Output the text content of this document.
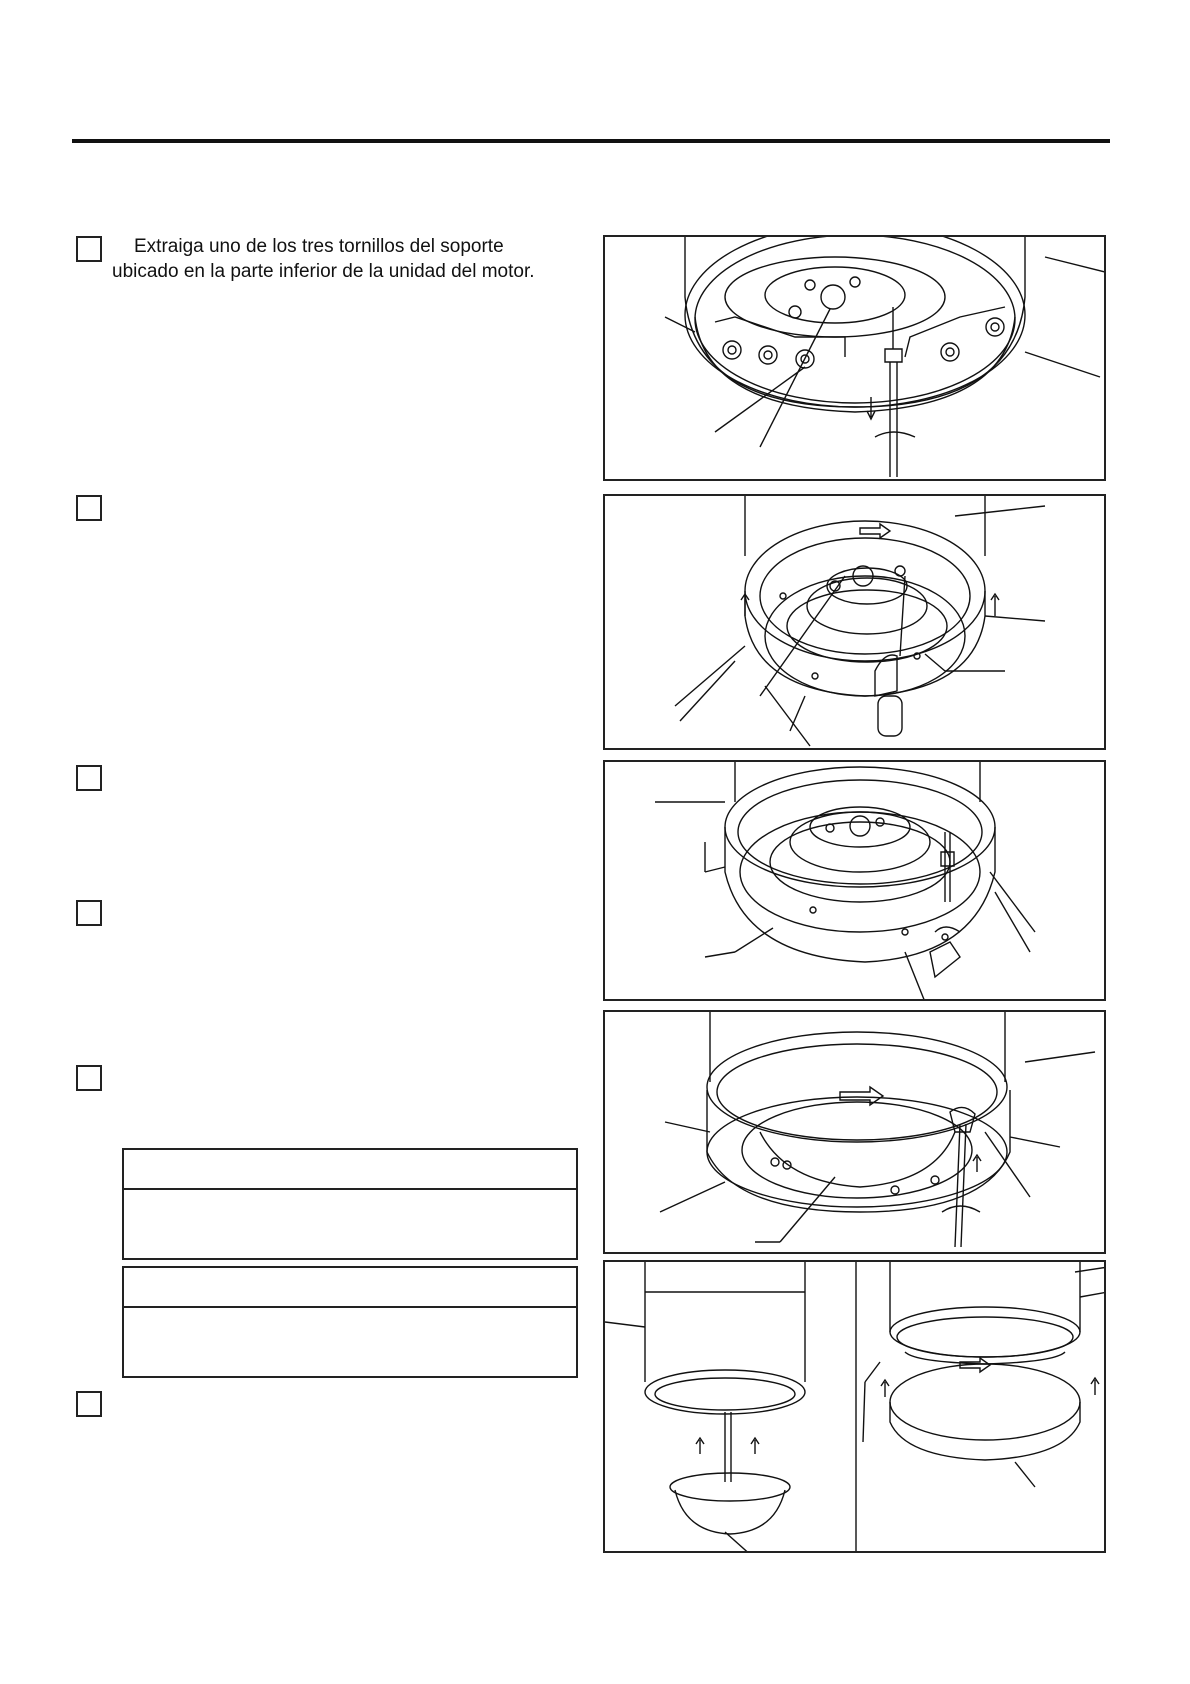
Extraiga uno de los tres tornillos del soporte
ubicado en la parte inferior de la unidad del motor.
